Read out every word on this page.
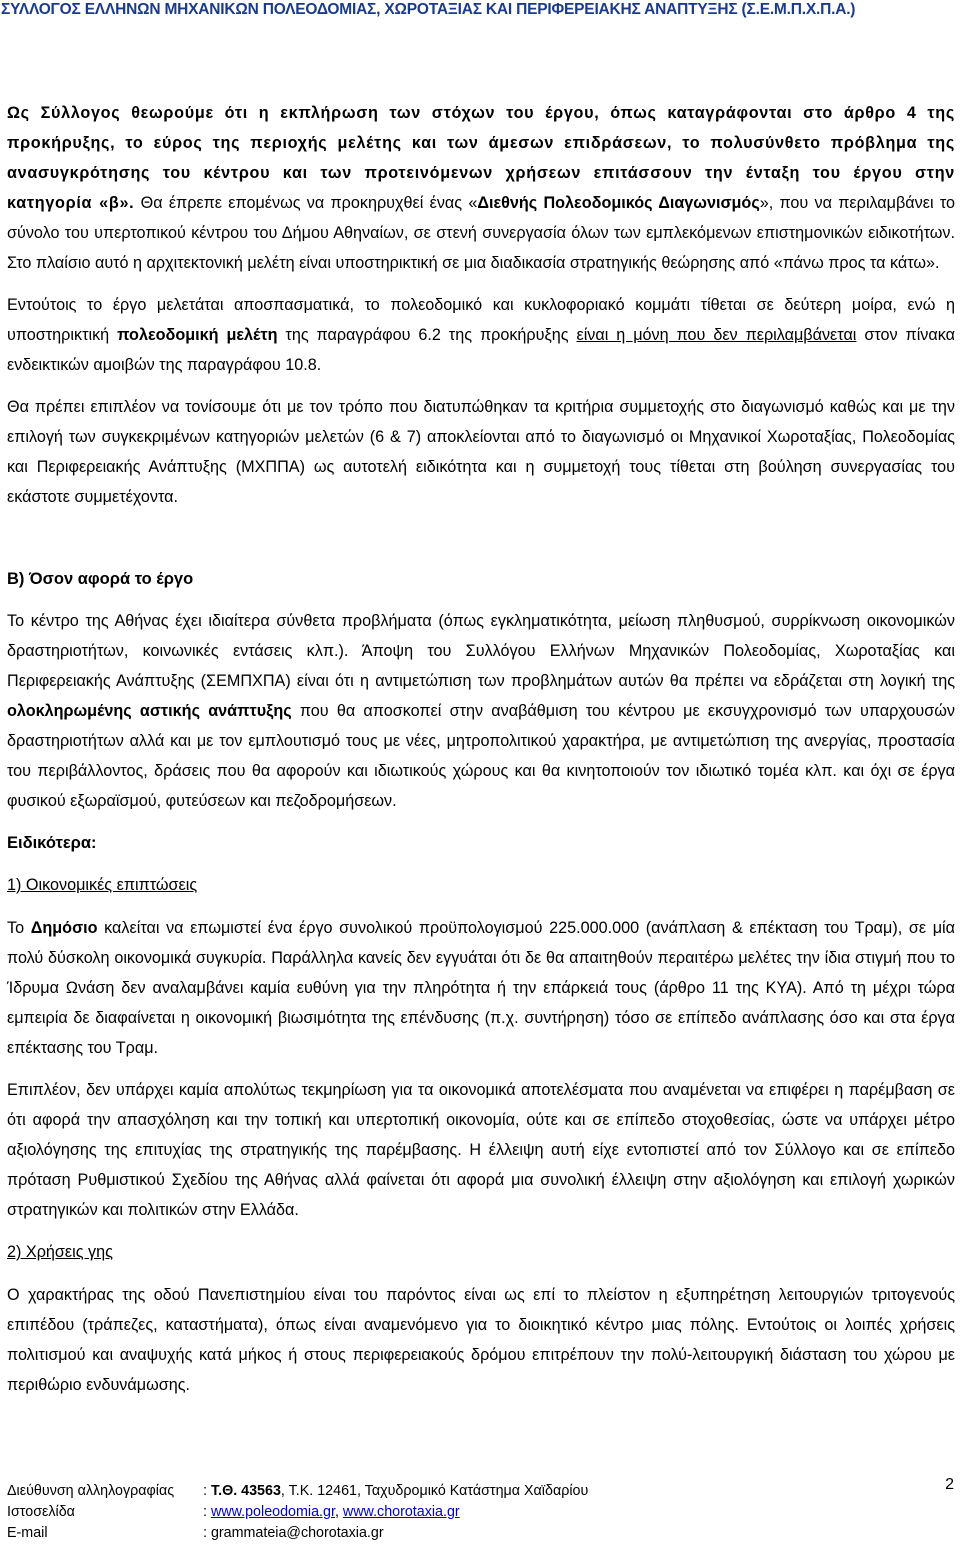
ΣΥΛΛΟΓΟΣ ΕΛΛΗΝΩΝ ΜΗΧΑΝΙΚΩΝ ΠΟΛΕΟΔΟΜΙΑΣ, ΧΩΡΟΤΑΞΙΑΣ ΚΑΙ ΠΕΡΙΦΕΡΕΙΑΚΗΣ ΑΝΑΠΤΥΞΗΣ (Σ.Ε.Μ.Π.Χ.Π.Α.)

Ως Σύλλογος θεωρούμε ότι η εκπλήρωση των στόχων του έργου, όπως καταγράφονται στο άρθρο 4 της προκήρυξης, το εύρος της περιοχής μελέτης και των άμεσων επιδράσεων, το πολυσύνθετο πρόβλημα της ανασυγκρότησης του κέντρου και των προτεινόμενων χρήσεων επιτάσσουν την ένταξη του έργου στην κατηγορία «β». Θα έπρεπε επομένως να προκηρυχθεί ένας «Διεθνής Πολεοδομικός Διαγωνισμός», που να περιλαμβάνει το σύνολο του υπερτοπικού κέντρου του Δήμου Αθηναίων, σε στενή συνεργασία όλων των εμπλεκόμενων επιστημονικών ειδικοτήτων. Στο πλαίσιο αυτό η αρχιτεκτονική μελέτη είναι υποστηρικτική σε μια διαδικασία στρατηγικής θεώρησης από «πάνω προς τα κάτω».

Εντούτοις το έργο μελετάται αποσπασματικά, το πολεοδομικό και κυκλοφοριακό κομμάτι τίθεται σε δεύτερη μοίρα, ενώ η υποστηρικτική πολεοδομική μελέτη της παραγράφου 6.2 της προκήρυξης είναι η μόνη που δεν περιλαμβάνεται στον πίνακα ενδεικτικών αμοιβών της παραγράφου 10.8.

Θα πρέπει επιπλέον να τονίσουμε ότι με τον τρόπο που διατυπώθηκαν τα κριτήρια συμμετοχής στο διαγωνισμό καθώς και με την επιλογή των συγκεκριμένων κατηγοριών μελετών (6 & 7) αποκλείονται από το διαγωνισμό οι Μηχανικοί Χωροταξίας, Πολεοδομίας και Περιφερειακής Ανάπτυξης (ΜΧΠΠΑ) ως αυτοτελή ειδικότητα και η συμμετοχή τους τίθεται στη βούληση συνεργασίας του εκάστοτε συμμετέχοντα.

Β) Όσον αφορά το έργο

Το κέντρο της Αθήνας έχει ιδιαίτερα σύνθετα προβλήματα (όπως εγκληματικότητα, μείωση πληθυσμού, συρρίκνωση οικονομικών δραστηριοτήτων, κοινωνικές εντάσεις κλπ.). Άποψη του Συλλόγου Ελλήνων Μηχανικών Πολεοδομίας, Χωροταξίας και Περιφερειακής Ανάπτυξης (ΣΕΜΠΧΠΑ) είναι ότι η αντιμετώπιση των προβλημάτων αυτών θα πρέπει να εδράζεται στη λογική της ολοκληρωμένης αστικής ανάπτυξης που θα αποσκοπεί στην αναβάθμιση του κέντρου με εκσυγχρονισμό των υπαρχουσών δραστηριοτήτων αλλά και με τον εμπλουτισμό τους με νέες, μητροπολιτικού χαρακτήρα, με αντιμετώπιση της ανεργίας, προστασία του περιβάλλοντος, δράσεις που θα αφορούν και ιδιωτικούς χώρους και θα κινητοποιούν τον ιδιωτικό τομέα κλπ. και όχι σε έργα φυσικού εξωραϊσμού, φυτεύσεων και πεζοδρομήσεων.

Ειδικότερα:

1) Οικονομικές επιπτώσεις

Το Δημόσιο καλείται να επωμιστεί ένα έργο συνολικού προϋπολογισμού 225.000.000 (ανάπλαση & επέκταση του Τραμ), σε μία πολύ δύσκολη οικονομικά συγκυρία. Παράλληλα κανείς δεν εγγυάται ότι δε θα απαιτηθούν περαιτέρω μελέτες την ίδια στιγμή που το Ίδρυμα Ωνάση δεν αναλαμβάνει καμία ευθύνη για την πληρότητα ή την επάρκειά τους (άρθρο 11 της ΚΥΑ). Από τη μέχρι τώρα εμπειρία δε διαφαίνεται η οικονομική βιωσιμότητα της επένδυσης (π.χ. συντήρηση) τόσο σε επίπεδο ανάπλασης όσο και στα έργα επέκτασης του Τραμ.

Επιπλέον, δεν υπάρχει καμία απολύτως τεκμηρίωση για τα οικονομικά αποτελέσματα που αναμένεται να επιφέρει η παρέμβαση σε ότι αφορά την απασχόληση και την τοπική και υπερτοπική οικονομία, ούτε και σε επίπεδο στοχοθεσίας, ώστε να υπάρχει μέτρο αξιολόγησης της επιτυχίας της στρατηγικής της παρέμβασης. Η έλλειψη αυτή είχε εντοπιστεί από τον Σύλλογο και σε επίπεδο πρόταση Ρυθμιστικού Σχεδίου της Αθήνας αλλά φαίνεται ότι αφορά μια συνολική έλλειψη στην αξιολόγηση και επιλογή χωρικών στρατηγικών και πολιτικών στην Ελλάδα.

2) Χρήσεις γης

Ο χαρακτήρας της οδού Πανεπιστημίου είναι του παρόντος είναι ως επί το πλείστον η εξυπηρέτηση λειτουργιών τριτογενούς επιπέδου (τράπεζες, καταστήματα), όπως είναι αναμενόμενο για το διοικητικό κέντρο μιας πόλης. Εντούτοις οι λοιπές χρήσεις πολιτισμού και αναψυχής κατά μήκος ή στους περιφερειακούς δρόμου επιτρέπουν την πολύ-λειτουργική διάσταση του χώρου με περιθώριο ενδυνάμωσης.

Διεύθυνση αλληλογραφίας	: Τ.Θ. 43563, Τ.Κ. 12461, Ταχυδρομικό Κατάστημα Χαϊδαρίου
Ιστοσελίδα	: www.poleodomia.gr, www.chorotaxia.gr
E-mail	: grammateia@chorotaxia.gr
2
